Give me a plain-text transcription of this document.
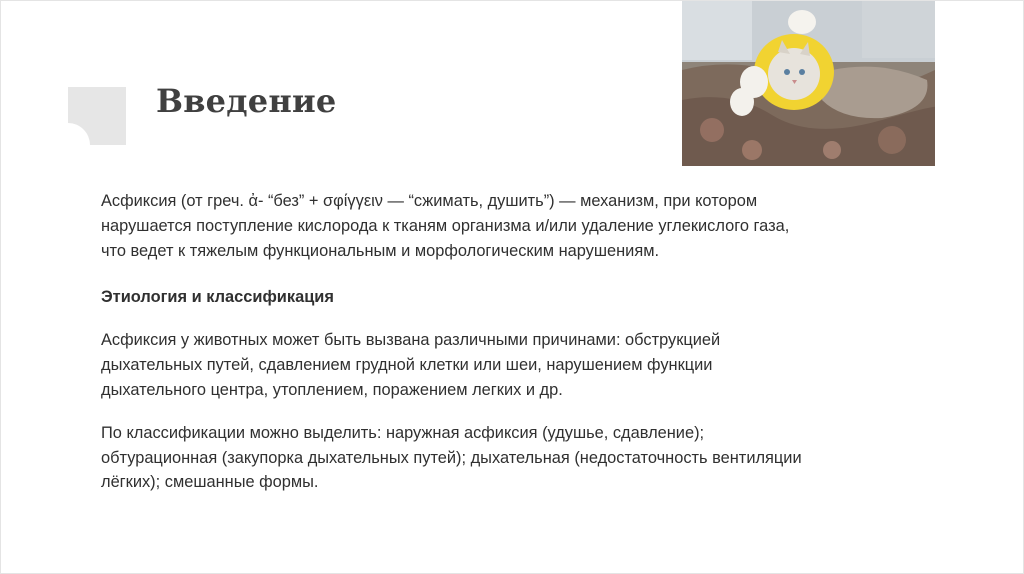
Введение

Асфиксия (от греч. ἀ- “без” + σφίγγειν — “сжимать, душить”) — механизм, при котором
нарушается поступление кислорода к тканям организма и/или удаление углекислого газа,
что ведет к тяжелым функциональным и морфологическим нарушениям.

Этиология и классификация

Асфиксия у животных может быть вызвана различными причинами: обструкцией
дыхательных путей, сдавлением грудной клетки или шеи, нарушением функции
дыхательного центра, утоплением, поражением легких и др.

По классификации можно выделить: наружная асфиксия (удушье, сдавление);
обтурационная (закупорка дыхательных путей); дыхательная (недостаточность вентиляции
лёгких); смешанные формы.
